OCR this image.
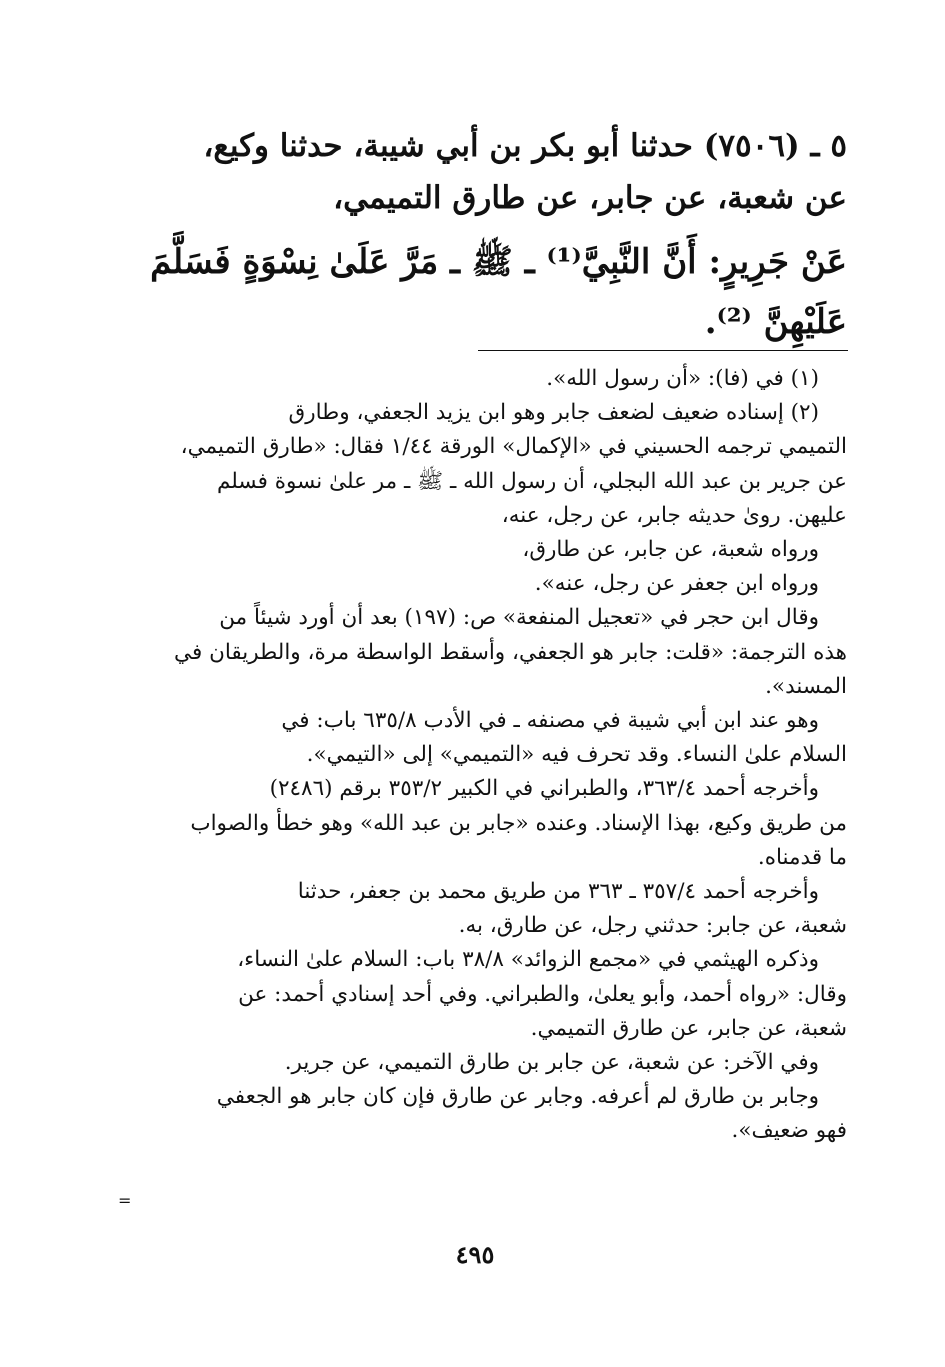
٥ ـ (٧٥٠٦) حدثنا أبو بكر بن أبي شيبة، حدثنا وكيع،
عن شعبة، عن جابر، عن طارق التميمي،

عَنْ جَرِيرٍ: أَنَّ النَّبِيَّ⁽¹⁾ ـ ﷺ ـ مَرَّ عَلَىٰ نِسْوَةٍ فَسَلَّمَ
عَلَيْهِنَّ ⁽²⁾.

(١) في (فا): «أن رسول الله».

(٢) إسناده ضعيف لضعف جابر وهو ابن يزيد الجعفي، وطارق

التميمي ترجمه الحسيني في «الإكمال» الورقة ١/٤٤ فقال: «طارق التميمي،

عن جرير بن عبد الله البجلي، أن رسول الله ـ ﷺ ـ مر علىٰ نسوة فسلم

عليهن. روىٰ حديثه جابر، عن رجل، عنه،

ورواه شعبة، عن جابر، عن طارق،

ورواه ابن جعفر عن رجل، عنه».

وقال ابن حجر في «تعجيل المنفعة» ص: (١٩٧) بعد أن أورد شيئاً من

هذه الترجمة: «قلت: جابر هو الجعفي، وأسقط الواسطة مرة، والطريقان في

المسند».

وهو عند ابن أبي شيبة في مصنفه ـ في الأدب ٦٣٥/٨ باب: في

السلام علىٰ النساء. وقد تحرف فيه «التميمي» إلى «التيمي».

وأخرجه أحمد ٣٦٣/٤، والطبراني في الكبير ٣٥٣/٢ برقم (٢٤٨٦)

من طريق وكيع، بهذا الإسناد. وعنده «جابر بن عبد الله» وهو خطأ والصواب

ما قدمناه.

وأخرجه أحمد ٣٥٧/٤ ـ ٣٦٣ من طريق محمد بن جعفر، حدثنا

شعبة، عن جابر: حدثني رجل، عن طارق، به.

وذكره الهيثمي في «مجمع الزوائد» ٣٨/٨ باب: السلام علىٰ النساء،

وقال: «رواه أحمد، وأبو يعلىٰ، والطبراني. وفي أحد إسنادي أحمد: عن

شعبة، عن جابر، عن طارق التميمي.

وفي الآخر: عن شعبة، عن جابر بن طارق التميمي، عن جرير.

وجابر بن طارق لم أعرفه. وجابر عن طارق فإن كان جابر هو الجعفي

فهو ضعيف».

=
٤٩٥
